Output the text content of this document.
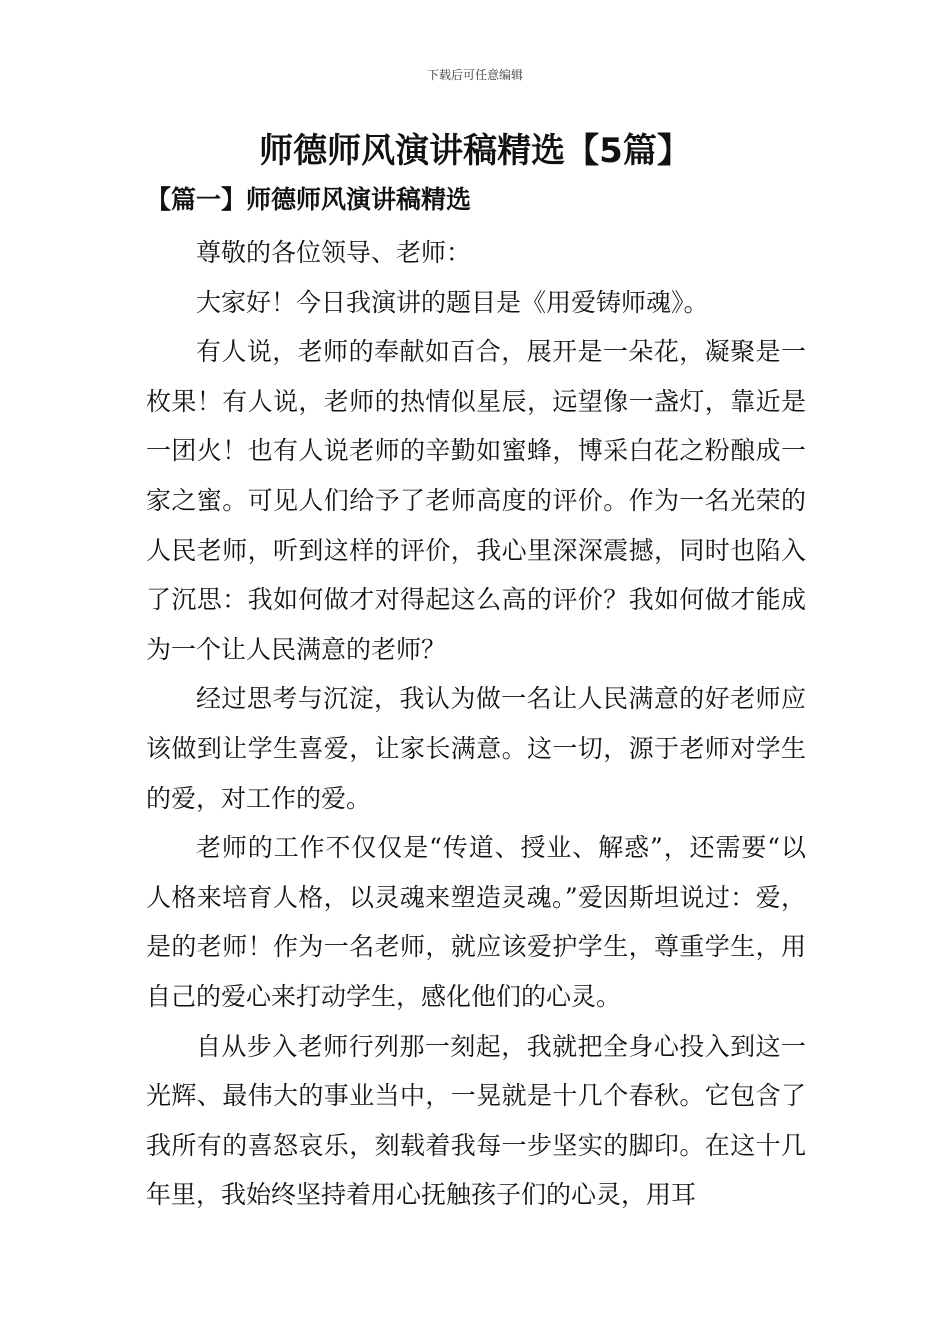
下载后可任意编辑
师德师风演讲稿精选【5篇】
【篇一】师德师风演讲稿精选

尊敬的各位领导、老师：

大家好！今日我演讲的题目是《用爱铸师魂》。

有人说，老师的奉献如百合，展开是一朵花，凝聚是一枚果！有人说，老师的热情似星辰，远望像一盏灯，靠近是一团火！也有人说老师的辛勤如蜜蜂，博采白花之粉酿成一家之蜜。可见人们给予了老师高度的评价。作为一名光荣的人民老师，听到这样的评价，我心里深深震撼，同时也陷入了沉思：我如何做才对得起这么高的评价？我如何做才能成为一个让人民满意的老师？

经过思考与沉淀，我认为做一名让人民满意的好老师应该做到让学生喜爱，让家长满意。这一切，源于老师对学生的爱，对工作的爱。

老师的工作不仅仅是“传道、授业、解惑”，还需要“以人格来培育人格，以灵魂来塑造灵魂。”爱因斯坦说过：爱，是的老师！作为一名老师，就应该爱护学生，尊重学生，用自己的爱心来打动学生，感化他们的心灵。

自从步入老师行列那一刻起，我就把全身心投入到这一光辉、最伟大的事业当中，一晃就是十几个春秋。它包含了我所有的喜怒哀乐，刻载着我每一步坚实的脚印。在这十几年里，我始终坚持着用心抚触孩子们的心灵，用耳
